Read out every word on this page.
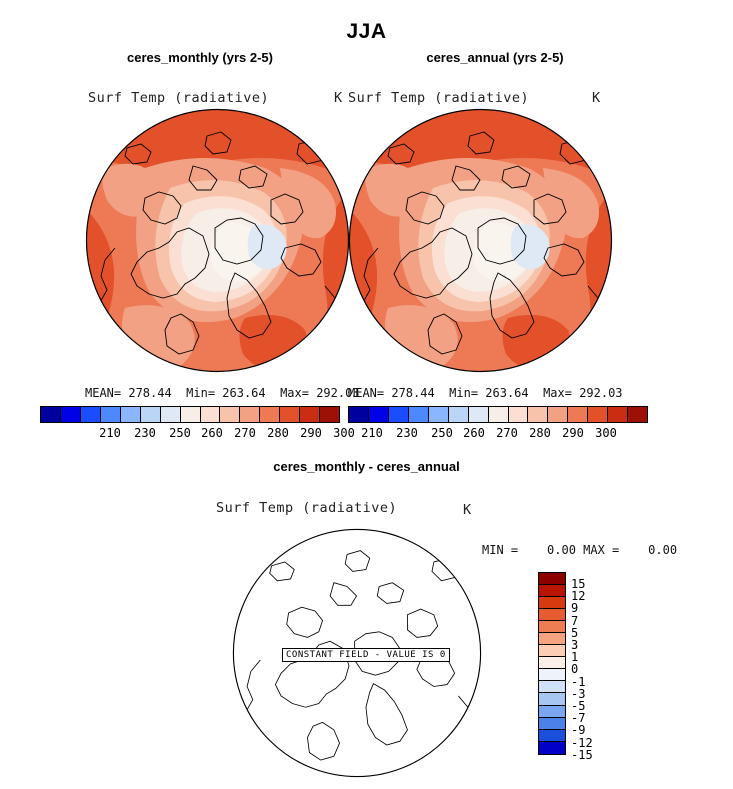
JJA
ceres_monthly (yrs 2-5)
Surf Temp (radiative)	K
MEAN= 278.44  Min= 263.64  Max= 292.03
210 230 250 260 270 280 290 300
ceres_annual (yrs 2-5)
Surf Temp (radiative)	K
MEAN= 278.44  Min= 263.64  Max= 292.03
210 230 250 260 270 280 290 300
ceres_monthly - ceres_annual
Surf Temp (radiative)	K
MIN =    0.00 MAX =    0.00
CONSTANT FIELD - VALUE IS 0
15
12
9
7
5
3
1
0
-1
-3
-5
-7
-9
-12
-15
